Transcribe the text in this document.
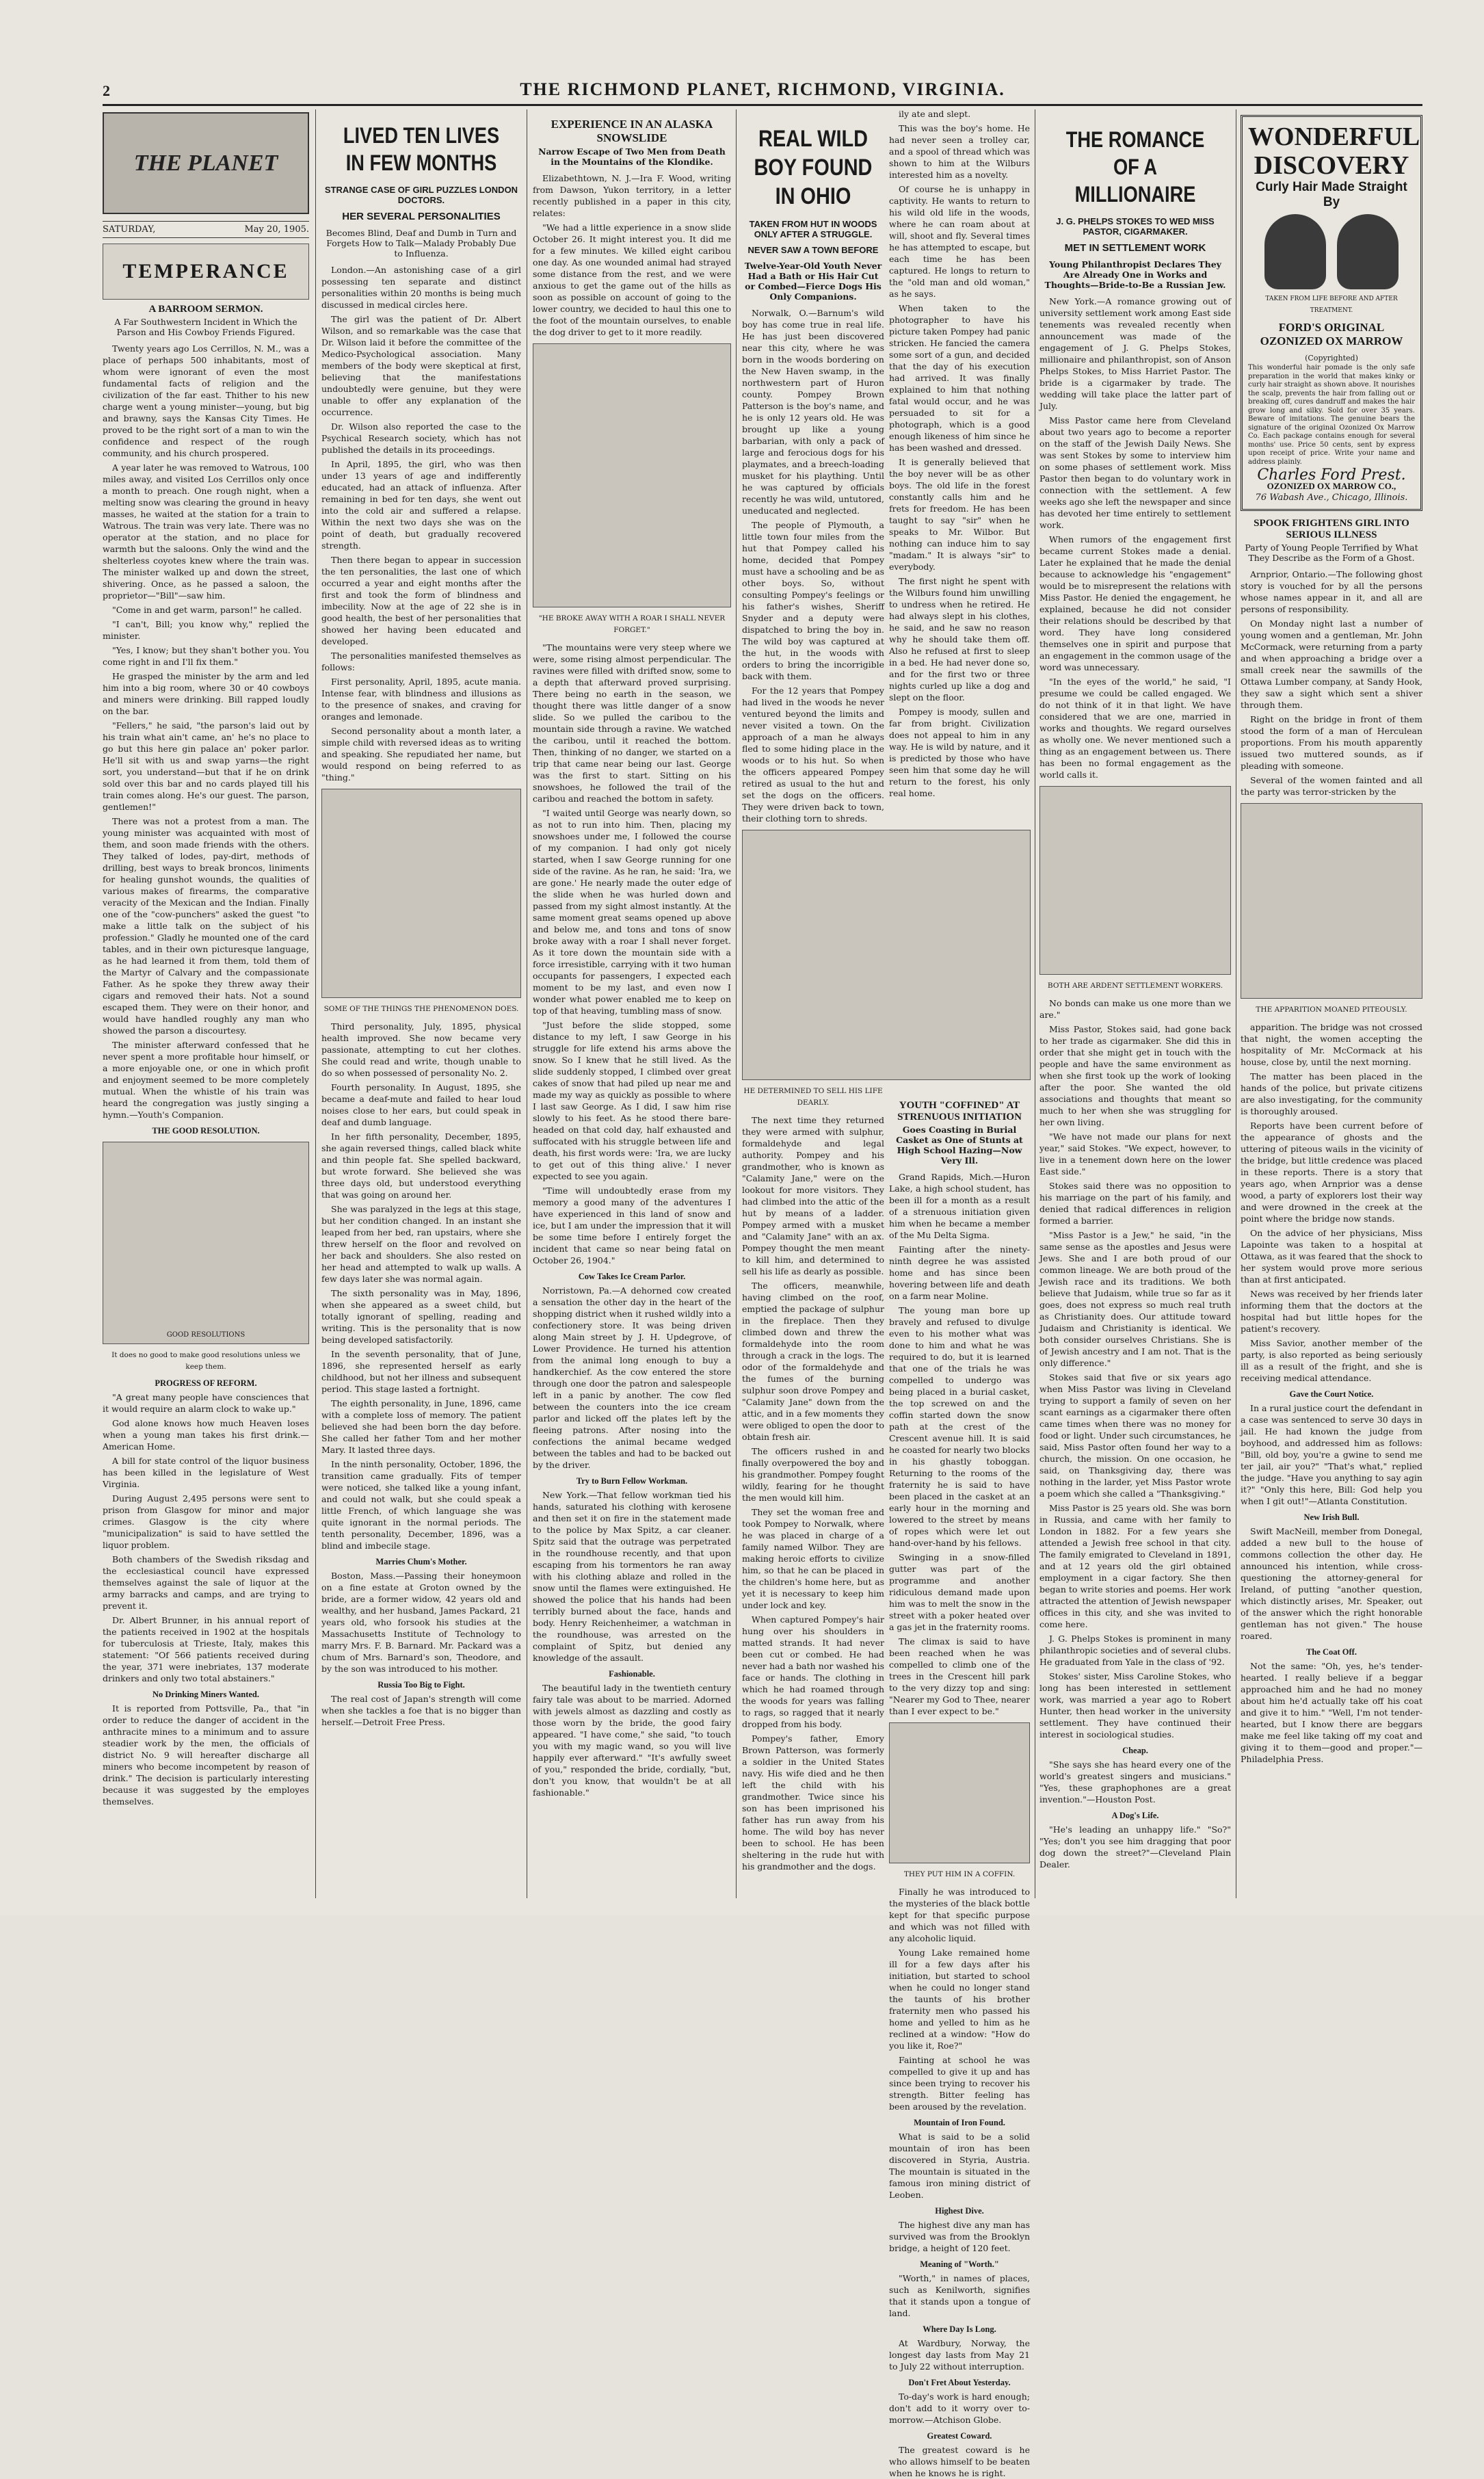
2	THE RICHMOND PLANET, RICHMOND, VIRGINIA.
THE PLANET
SATURDAY,	May 20, 1905.
TEMPERANCE
A BARROOM SERMON.
A Far Southwestern Incident in Which the Parson and His Cowboy Friends Figured.

Twenty years ago Los Cerrillos, N. M., was a place of perhaps 500 inhabitants, most of whom were ignorant of even the most fundamental facts of religion and the civilization of the far east. Thither to his new charge went a young minister—young, but big and brawny, says the Kansas City Times. He proved to be the right sort of a man to win the confidence and respect of the rough community, and his church prospered.

A year later he was removed to Watrous, 100 miles away, and visited Los Cerrillos only once a month to preach. One rough night, when a melting snow was clearing the ground in heavy masses, he waited at the station for a train to Watrous. The train was very late. There was no operator at the station, and no place for warmth but the saloons. Only the wind and the shelterless coyotes knew where the train was. The minister walked up and down the street, shivering. Once, as he passed a saloon, the proprietor—"Bill"—saw him.

"Come in and get warm, parson!" he called.

"I can't, Bill; you know why," replied the minister.

"Yes, I know; but they shan't bother you. You come right in and I'll fix them."

He grasped the minister by the arm and led him into a big room, where 30 or 40 cowboys and miners were drinking. Bill rapped loudly on the bar.

"Fellers," he said, "the parson's laid out by his train what ain't came, an' he's no place to go but this here gin palace an' poker parlor. He'll sit with us and swap yarns—the right sort, you understand—but that if he on drink sold over this bar and no cards played till his train comes along. He's our guest. The parson, gentlemen!"

There was not a protest from a man. The young minister was acquainted with most of them, and soon made friends with the others. They talked of lodes, pay-dirt, methods of drilling, best ways to break broncos, liniments for healing gunshot wounds, the qualities of various makes of firearms, the comparative veracity of the Mexican and the Indian. Finally one of the "cow-punchers" asked the guest "to make a little talk on the subject of his profession." Gladly he mounted one of the card tables, and in their own picturesque language, as he had learned it from them, told them of the Martyr of Calvary and the compassionate Father. As he spoke they threw away their cigars and removed their hats. Not a sound escaped them. They were on their honor, and would have handled roughly any man who showed the parson a discourtesy.

The minister afterward confessed that he never spent a more profitable hour himself, or a more enjoyable one, or one in which profit and enjoyment seemed to be more completely mutual. When the whistle of his train was heard the congregation was justly singing a hymn.—Youth's Companion.

THE GOOD RESOLUTION.
GOOD RESOLUTIONS
It does no good to make good resolutions unless we keep them.
PROGRESS OF REFORM.

"A great many people have consciences that it would require an alarm clock to wake up."

God alone knows how much Heaven loses when a young man takes his first drink.—American Home.

A bill for state control of the liquor business has been killed in the legislature of West Virginia.

During August 2,495 persons were sent to prison from Glasgow for minor and major crimes. Glasgow is the city where "municipalization" is said to have settled the liquor problem.

Both chambers of the Swedish riksdag and the ecclesiastical council have expressed themselves against the sale of liquor at the army barracks and camps, and are trying to prevent it.

Dr. Albert Brunner, in his annual report of the patients received in 1902 at the hospitals for tuberculosis at Trieste, Italy, makes this statement: "Of 566 patients received during the year, 371 were inebriates, 137 moderate drinkers and only two total abstainers."

No Drinking Miners Wanted.

It is reported from Pottsville, Pa., that "in order to reduce the danger of accident in the anthracite mines to a minimum and to assure steadier work by the men, the officials of district No. 9 will hereafter discharge all miners who become incompetent by reason of drink." The decision is particularly interesting because it was suggested by the employes themselves.

LIVED TEN LIVES IN FEW MONTHS
STRANGE CASE OF GIRL PUZZLES LONDON DOCTORS.
HER SEVERAL PERSONALITIES
Becomes Blind, Deaf and Dumb in Turn and Forgets How to Talk—Malady Probably Due to Influenza.

London.—An astonishing case of a girl possessing ten separate and distinct personalities within 20 months is being much discussed in medical circles here.

The girl was the patient of Dr. Albert Wilson, and so remarkable was the case that Dr. Wilson laid it before the committee of the Medico-Psychological association. Many members of the body were skeptical at first, believing that the manifestations undoubtedly were genuine, but they were unable to offer any explanation of the occurrence.

Dr. Wilson also reported the case to the Psychical Research society, which has not published the details in its proceedings.

In April, 1895, the girl, who was then under 13 years of age and indifferently educated, had an attack of influenza. After remaining in bed for ten days, she went out into the cold air and suffered a relapse. Within the next two days she was on the point of death, but gradually recovered strength.

Then there began to appear in succession the ten personalities, the last one of which occurred a year and eight months after the first and took the form of blindness and imbecility. Now at the age of 22 she is in good health, the best of her personalities that showed her having been educated and developed.

The personalities manifested themselves as follows:

First personality, April, 1895, acute mania. Intense fear, with blindness and illusions as to the presence of snakes, and craving for oranges and lemonade.

Second personality about a month later, a simple child with reversed ideas as to writing and speaking. She repudiated her name, but would respond on being referred to as "thing."

SOME OF THE THINGS THE PHENOMENON DOES.

Third personality, July, 1895, physical health improved. She now became very passionate, attempting to cut her clothes. She could read and write, though unable to do so when possessed of personality No. 2.

Fourth personality. In August, 1895, she became a deaf-mute and failed to hear loud noises close to her ears, but could speak in deaf and dumb language.

In her fifth personality, December, 1895, she again reversed things, called black white and thin people fat. She spelled backward, but wrote forward. She believed she was three days old, but understood everything that was going on around her.

She was paralyzed in the legs at this stage, but her condition changed. In an instant she leaped from her bed, ran upstairs, where she threw herself on the floor and revolved on her back and shoulders. She also rested on her head and attempted to walk up walls. A few days later she was normal again.

The sixth personality was in May, 1896, when she appeared as a sweet child, but totally ignorant of spelling, reading and writing. This is the personality that is now being developed satisfactorily.

In the seventh personality, that of June, 1896, she represented herself as early childhood, but not her illness and subsequent period. This stage lasted a fortnight.

The eighth personality, in June, 1896, came with a complete loss of memory. The patient believed she had been born the day before. She called her father Tom and her mother Mary. It lasted three days.

In the ninth personality, October, 1896, the transition came gradually. Fits of temper were noticed, she talked like a young infant, and could not walk, but she could speak a little French, of which language she was quite ignorant in the normal periods. The tenth personality, December, 1896, was a blind and imbecile stage.

Marries Chum's Mother.

Boston, Mass.—Passing their honeymoon on a fine estate at Groton owned by the bride, are a former widow, 42 years old and wealthy, and her husband, James Packard, 21 years old, who forsook his studies at the Massachusetts Institute of Technology to marry Mrs. F. B. Barnard. Mr. Packard was a chum of Mrs. Barnard's son, Theodore, and by the son was introduced to his mother.

Russia Too Big to Fight.

The real cost of Japan's strength will come when she tackles a foe that is no bigger than herself.—Detroit Free Press.

EXPERIENCE IN AN ALASKA SNOWSLIDE
Narrow Escape of Two Men from Death in the Mountains of the Klondike.

Elizabethtown, N. J.—Ira F. Wood, writing from Dawson, Yukon territory, in a letter recently published in a paper in this city, relates:

"We had a little experience in a snow slide October 26. It might interest you. It did me for a few minutes. We killed eight caribou one day. As one wounded animal had strayed some distance from the rest, and we were anxious to get the game out of the hills as soon as possible on account of going to the lower country, we decided to haul this one to the foot of the mountain ourselves, to enable the dog driver to get to it more readily.

"HE BROKE AWAY WITH A ROAR I SHALL NEVER FORGET."

"The mountains were very steep where we were, some rising almost perpendicular. The ravines were filled with drifted snow, some to a depth that afterward proved surprising. There being no earth in the season, we thought there was little danger of a snow slide. So we pulled the caribou to the mountain side through a ravine. We watched the caribou, until it reached the bottom. Then, thinking of no danger, we started on a trip that came near being our last. George was the first to start. Sitting on his snowshoes, he followed the trail of the caribou and reached the bottom in safety.

"I waited until George was nearly down, so as not to run into him. Then, placing my snowshoes under me, I followed the course of my companion. I had only got nicely started, when I saw George running for one side of the ravine. As he ran, he said: 'Ira, we are gone.' He nearly made the outer edge of the slide when he was hurled down and passed from my sight almost instantly. At the same moment great seams opened up above and below me, and tons and tons of snow broke away with a roar I shall never forget. As it tore down the mountain side with a force irresistible, carrying with it two human occupants for passengers, I expected each moment to be my last, and even now I wonder what power enabled me to keep on top of that heaving, tumbling mass of snow.

"Just before the slide stopped, some distance to my left, I saw George in his struggle for life extend his arms above the snow. So I knew that he still lived. As the slide suddenly stopped, I climbed over great cakes of snow that had piled up near me and made my way as quickly as possible to where I last saw George. As I did, I saw him rise slowly to his feet. As he stood there bare-headed on that cold day, half exhausted and suffocated with his struggle between life and death, his first words were: 'Ira, we are lucky to get out of this thing alive.' I never expected to see you again.

"Time will undoubtedly erase from my memory a good many of the adventures I have experienced in this land of snow and ice, but I am under the impression that it will be some time before I entirely forget the incident that came so near being fatal on October 26, 1904."

Cow Takes Ice Cream Parlor.

Norristown, Pa.—A dehorned cow created a sensation the other day in the heart of the shopping district when it rushed wildly into a confectionery store. It was being driven along Main street by J. H. Updegrove, of Lower Providence. He turned his attention from the animal long enough to buy a handkerchief. As the cow entered the store through one door the patron and salespeople left in a panic by another. The cow fled between the counters into the ice cream parlor and licked off the plates left by the fleeing patrons. After nosing into the confections the animal became wedged between the tables and had to be backed out by the driver.

Try to Burn Fellow Workman.

New York.—That fellow workman tied his hands, saturated his clothing with kerosene and then set it on fire in the statement made to the police by Max Spitz, a car cleaner. Spitz said that the outrage was perpetrated in the roundhouse recently, and that upon escaping from his tormentors he ran away with his clothing ablaze and rolled in the snow until the flames were extinguished. He showed the police that his hands had been terribly burned about the face, hands and body. Henry Reichenheimer, a watchman in the roundhouse, was arrested on the complaint of Spitz, but denied any knowledge of the assault.

Fashionable.

The beautiful lady in the twentieth century fairy tale was about to be married. Adorned with jewels almost as dazzling and costly as those worn by the bride, the good fairy appeared. "I have come," she said, "to touch you with my magic wand, so you will live happily ever afterward." "It's awfully sweet of you," responded the bride, cordially, "but, don't you know, that wouldn't be at all fashionable."

REAL WILD BOY FOUND IN OHIO
TAKEN FROM HUT IN WOODS ONLY AFTER A STRUGGLE.
NEVER SAW A TOWN BEFORE
Twelve-Year-Old Youth Never Had a Bath or His Hair Cut or Combed—Fierce Dogs His Only Companions.

Norwalk, O.—Barnum's wild boy has come true in real life. He has just been discovered near this city, where he was born in the woods bordering on the New Haven swamp, in the northwestern part of Huron county. Pompey Brown Patterson is the boy's name, and he is only 12 years old. He was brought up like a young barbarian, with only a pack of large and ferocious dogs for his playmates, and a breech-loading musket for his plaything. Until he was captured by officials recently he was wild, untutored, uneducated and neglected.

The people of Plymouth, a little town four miles from the hut that Pompey called his home, decided that Pompey must have a schooling and be as other boys. So, without consulting Pompey's feelings or his father's wishes, Sheriff Snyder and a deputy were dispatched to bring the boy in. The wild boy was captured at the hut, in the woods with orders to bring the incorrigible back with them.

For the 12 years that Pompey had lived in the woods he never ventured beyond the limits and never visited a town. On the approach of a man he always fled to some hiding place in the woods or to his hut. So when the officers appeared Pompey retired as usual to the hut and set the dogs on the officers. They were driven back to town, their clothing torn to shreds.

HE DETERMINED TO SELL HIS LIFE DEARLY.

The next time they returned they were armed with sulphur, formaldehyde and legal authority. Pompey and his grandmother, who is known as "Calamity Jane," were on the lookout for more visitors. They had climbed into the attic of the hut by means of a ladder. Pompey armed with a musket and "Calamity Jane" with an ax. Pompey thought the men meant to kill him, and determined to sell his life as dearly as possible.

The officers, meanwhile, having climbed on the roof, emptied the package of sulphur in the fireplace. Then they climbed down and threw the formaldehyde into the room through a crack in the logs. The odor of the formaldehyde and the fumes of the burning sulphur soon drove Pompey and "Calamity Jane" down from the attic, and in a few moments they were obliged to open the door to obtain fresh air.

The officers rushed in and finally overpowered the boy and his grandmother. Pompey fought wildly, fearing for he thought the men would kill him.

They set the woman free and took Pompey to Norwalk, where he was placed in charge of a family named Wilbor. They are making heroic efforts to civilize him, so that he can be placed in the children's home here, but as yet it is necessary to keep him under lock and key.

When captured Pompey's hair hung over his shoulders in matted strands. It had never been cut or combed. He had never had a bath nor washed his face or hands. The clothing in which he had roamed through the woods for years was falling to rags, so ragged that it nearly dropped from his body.

Pompey's father, Emory Brown Patterson, was formerly a soldier in the United States navy. His wife died and he then left the child with his grandmother. Twice since his son has been imprisoned his father has run away from his home. The wild boy has never been to school. He has been sheltering in the rude hut with his grandmother and the dogs.

ily ate and slept.

This was the boy's home. He had never seen a trolley car, and a spool of thread which was shown to him at the Wilburs interested him as a novelty.

Of course he is unhappy in captivity. He wants to return to his wild old life in the woods, where he can roam about at will, shoot and fly. Several times he has attempted to escape, but each time he has been captured. He longs to return to the "old man and old woman," as he says.

When taken to the photographer to have his picture taken Pompey had panic stricken. He fancied the camera some sort of a gun, and decided that the day of his execution had arrived. It was finally explained to him that nothing fatal would occur, and he was persuaded to sit for a photograph, which is a good enough likeness of him since he has been washed and dressed.

It is generally believed that the boy never will be as other boys. The old life in the forest constantly calls him and he frets for freedom. He has been taught to say "sir" when he speaks to Mr. Wilbor. But nothing can induce him to say "madam." It is always "sir" to everybody.

The first night he spent with the Wilburs found him unwilling to undress when he retired. He had always slept in his clothes, he said, and he saw no reason why he should take them off. Also he refused at first to sleep in a bed. He had never done so, and for the first two or three nights curled up like a dog and slept on the floor.

Pompey is moody, sullen and far from bright. Civilization does not appeal to him in any way. He is wild by nature, and it is predicted by those who have seen him that some day he will return to the forest, his only real home.

YOUTH "COFFINED" AT STRENUOUS INITIATION
Goes Coasting in Burial Casket as One of Stunts at High School Hazing—Now Very Ill.

Grand Rapids, Mich.—Huron Lake, a high school student, has been ill for a month as a result of a strenuous initiation given him when he became a member of the Mu Delta Sigma.

Fainting after the ninety-ninth degree he was assisted home and has since been hovering between life and death on a farm near Moline.

The young man bore up bravely and refused to divulge even to his mother what was done to him and what he was required to do, but it is learned that one of the trials he was compelled to undergo was being placed in a burial casket, the top screwed on and the coffin started down the snow path at the crest of the Crescent avenue hill. It is said he coasted for nearly two blocks in his ghastly toboggan. Returning to the rooms of the fraternity he is said to have been placed in the casket at an early hour in the morning and lowered to the street by means of ropes which were let out hand-over-hand by his fellows.

Swinging in a snow-filled gutter was part of the programme and another ridiculous demand made upon him was to melt the snow in the street with a poker heated over a gas jet in the fraternity rooms.

The climax is said to have been reached when he was compelled to climb one of the trees in the Crescent hill park to the very dizzy top and sing: "Nearer my God to Thee, nearer than I ever expect to be."

THEY PUT HIM IN A COFFIN.

Finally he was introduced to the mysteries of the black bottle kept for that specific purpose and which was not filled with any alcoholic liquid.

Young Lake remained home ill for a few days after his initiation, but started to school when he could no longer stand the taunts of his brother fraternity men who passed his home and yelled to him as he reclined at a window: "How do you like it, Roe?"

Fainting at school he was compelled to give it up and has since been trying to recover his strength. Bitter feeling has been aroused by the revelation.

Mountain of Iron Found.

What is said to be a solid mountain of iron has been discovered in Styria, Austria. The mountain is situated in the famous iron mining district of Leoben.

Highest Dive.

The highest dive any man has survived was from the Brooklyn bridge, a height of 120 feet.

Meaning of "Worth."

"Worth," in names of places, such as Kenilworth, signifies that it stands upon a tongue of land.

Where Day Is Long.

At Wardbury, Norway, the longest day lasts from May 21 to July 22 without interruption.

Don't Fret About Yesterday.

To-day's work is hard enough; don't add to it worry over to-morrow.—Atchison Globe.

Greatest Coward.

The greatest coward is he who allows himself to be beaten when he knows he is right.

THE ROMANCE OF A MILLIONAIRE
J. G. PHELPS STOKES TO WED MISS PASTOR, CIGARMAKER.
MET IN SETTLEMENT WORK
Young Philanthropist Declares They Are Already One in Works and Thoughts—Bride-to-Be a Russian Jew.

New York.—A romance growing out of university settlement work among East side tenements was revealed recently when announcement was made of the engagement of J. G. Phelps Stokes, millionaire and philanthropist, son of Anson Phelps Stokes, to Miss Harriet Pastor. The bride is a cigarmaker by trade. The wedding will take place the latter part of July.

Miss Pastor came here from Cleveland about two years ago to become a reporter on the staff of the Jewish Daily News. She was sent Stokes by some to interview him on some phases of settlement work. Miss Pastor then began to do voluntary work in connection with the settlement. A few weeks ago she left the newspaper and since has devoted her time entirely to settlement work.

When rumors of the engagement first became current Stokes made a denial. Later he explained that he made the denial because to acknowledge his "engagement" would be to misrepresent the relations with Miss Pastor. He denied the engagement, he explained, because he did not consider their relations should be described by that word. They have long considered themselves one in spirit and purpose that an engagement in the common usage of the word was unnecessary.

"In the eyes of the world," he said, "I presume we could be called engaged. We do not think of it in that light. We have considered that we are one, married in works and thoughts. We regard ourselves as wholly one. We never mentioned such a thing as an engagement between us. There has been no formal engagement as the world calls it.

BOTH ARE ARDENT SETTLEMENT WORKERS.

No bonds can make us one more than we are."

Miss Pastor, Stokes said, had gone back to her trade as cigarmaker. She did this in order that she might get in touch with the people and have the same environment as when she first took up the work of looking after the poor. She wanted the old associations and thoughts that meant so much to her when she was struggling for her own living.

"We have not made our plans for next year," said Stokes. "We expect, however, to live in a tenement down here on the lower East side."

Stokes said there was no opposition to his marriage on the part of his family, and denied that radical differences in religion formed a barrier.

"Miss Pastor is a Jew," he said, "in the same sense as the apostles and Jesus were Jews. She and I are both proud of our common lineage. We are both proud of the Jewish race and its traditions. We both believe that Judaism, while true so far as it goes, does not express so much real truth as Christianity does. Our attitude toward Judaism and Christianity is identical. We both consider ourselves Christians. She is of Jewish ancestry and I am not. That is the only difference."

Stokes said that five or six years ago when Miss Pastor was living in Cleveland trying to support a family of seven on her scant earnings as a cigarmaker there often came times when there was no money for food or light. Under such circumstances, he said, Miss Pastor often found her way to a church, the mission. On one occasion, he said, on Thanksgiving day, there was nothing in the larder, yet Miss Pastor wrote a poem which she called a "Thanksgiving."

Miss Pastor is 25 years old. She was born in Russia, and came with her family to London in 1882. For a few years she attended a Jewish free school in that city. The family emigrated to Cleveland in 1891, and at 12 years old the girl obtained employment in a cigar factory. She then began to write stories and poems. Her work attracted the attention of Jewish newspaper offices in this city, and she was invited to come here.

J. G. Phelps Stokes is prominent in many philanthropic societies and of several clubs. He graduated from Yale in the class of '92.

Stokes' sister, Miss Caroline Stokes, who long has been interested in settlement work, was married a year ago to Robert Hunter, then head worker in the university settlement. They have continued their interest in sociological studies.

Cheap.

"She says she has heard every one of the world's greatest singers and musicians." "Yes, these graphophones are a great invention."—Houston Post.

A Dog's Life.

"He's leading an unhappy life." "So?" "Yes; don't you see him dragging that poor dog down the street?"—Cleveland Plain Dealer.

WONDERFUL DISCOVERY
Curly Hair Made Straight By
TAKEN FROM LIFE BEFORE AND AFTER TREATMENT.
FORD'S ORIGINAL OZONIZED OX MARROW
(Copyrighted)
This wonderful hair pomade is the only safe preparation in the world that makes kinky or curly hair straight as shown above. It nourishes the scalp, prevents the hair from falling out or breaking off, cures dandruff and makes the hair grow long and silky. Sold for over 35 years. Beware of imitations. The genuine bears the signature of the original Ozonized Ox Marrow Co. Each package contains enough for several months' use. Price 50 cents, sent by express upon receipt of price. Write your name and address plainly.
Charles Ford Prest.
OZONIZED OX MARROW CO.,
76 Wabash Ave., Chicago, Illinois.
SPOOK FRIGHTENS GIRL INTO SERIOUS ILLNESS
Party of Young People Terrified by What They Describe as the Form of a Ghost.

Arnprior, Ontario.—The following ghost story is vouched for by all the persons whose names appear in it, and all are persons of responsibility.

On Monday night last a number of young women and a gentleman, Mr. John McCormack, were returning from a party and when approaching a bridge over a small creek near the sawmills of the Ottawa Lumber company, at Sandy Hook, they saw a sight which sent a shiver through them.

Right on the bridge in front of them stood the form of a man of Herculean proportions. From his mouth apparently issued two muttered sounds, as if pleading with someone.

Several of the women fainted and all the party was terror-stricken by the

THE APPARITION MOANED PITEOUSLY.

apparition. The bridge was not crossed that night, the women accepting the hospitality of Mr. McCormack at his house, close by, until the next morning.

The matter has been placed in the hands of the police, but private citizens are also investigating, for the community is thoroughly aroused.

Reports have been current before of the appearance of ghosts and the uttering of piteous wails in the vicinity of the bridge, but little credence was placed in these reports. There is a story that years ago, when Arnprior was a dense wood, a party of explorers lost their way and were drowned in the creek at the point where the bridge now stands.

On the advice of her physicians, Miss Lapointe was taken to a hospital at Ottawa, as it was feared that the shock to her system would prove more serious than at first anticipated.

News was received by her friends later informing them that the doctors at the hospital had but little hopes for the patient's recovery.

Miss Savior, another member of the party, is also reported as being seriously ill as a result of the fright, and she is receiving medical attendance.

Gave the Court Notice.

In a rural justice court the defendant in a case was sentenced to serve 30 days in jail. He had known the judge from boyhood, and addressed him as follows: "Bill, old boy, you're a gwine to send me ter jail, air you?" "That's what," replied the judge. "Have you anything to say agin it?" "Only this here, Bill: God help you when I git out!"—Atlanta Constitution.

New Irish Bull.

Swift MacNeill, member from Donegal, added a new bull to the house of commons collection the other day. He announced his intention, while cross-questioning the attorney-general for Ireland, of putting "another question, which distinctly arises, Mr. Speaker, out of the answer which the right honorable gentleman has not given." The house roared.

The Coat Off.

Not the same: "Oh, yes, he's tender-hearted. I really believe if a beggar approached him and he had no money about him he'd actually take off his coat and give it to him." "Well, I'm not tender-hearted, but I know there are beggars make me feel like taking off my coat and giving it to them—good and proper."—Philadelphia Press.
